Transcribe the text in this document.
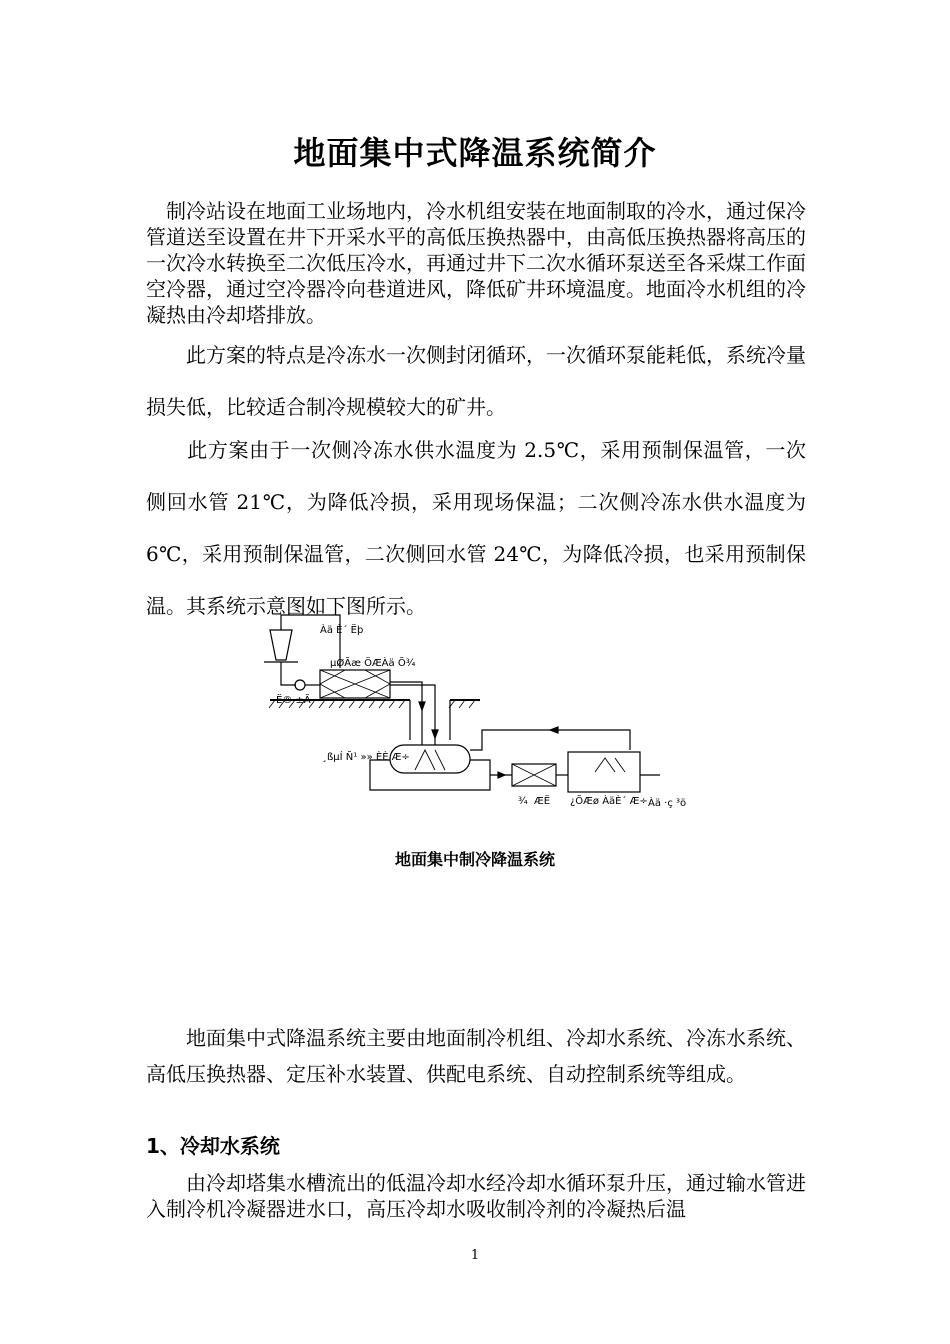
地面集中式降温系统简介

　制冷站设在地面工业场地内，冷水机组安装在地面制取的冷水，通过保冷管道送至设置在井下开采水平的高低压换热器中，由高低压换热器将高压的一次冷水转换至二次低压冷水，再通过井下二次水循环泵送至各采煤工作面空冷器，通过空冷器冷向巷道进风，降低矿井环境温度。地面冷水机组的冷凝热由冷却塔排放。

　　此方案的特点是冷冻水一次侧封闭循环，一次循环泵能耗低，系统冷量损失低，比较适合制冷规模较大的矿井。

　　此方案由于一次侧冷冻水供水温度为 2.5℃，采用预制保温管，一次侧回水管 21℃，为降低冷损，采用现场保温；二次侧冷冻水供水温度为 6℃，采用预制保温管，二次侧回水管 24℃，为降低冷损，也采用预制保温。其系统示意图如下图所示。

Àä È´ Ëþ
Ë® ±Ã
µØÃæ ÖÆÀä Õ¾
¸ßµÍ Ñ¹ »» ÈÈ Æ÷
¾ ÆË ¿ÕÆø ÀäÈ´ Æ÷ Àä ·ç ³ö

地面集中制冷降温系统

　　地面集中式降温系统主要由地面制冷机组、冷却水系统、冷冻水系统、高低压换热器、定压补水装置、供配电系统、自动控制系统等组成。

1、冷却水系统

　　由冷却塔集水槽流出的低温冷却水经冷却水循环泵升压，通过输水管进入制冷机冷凝器进水口，高压冷却水吸收制冷剂的冷凝热后温

1
